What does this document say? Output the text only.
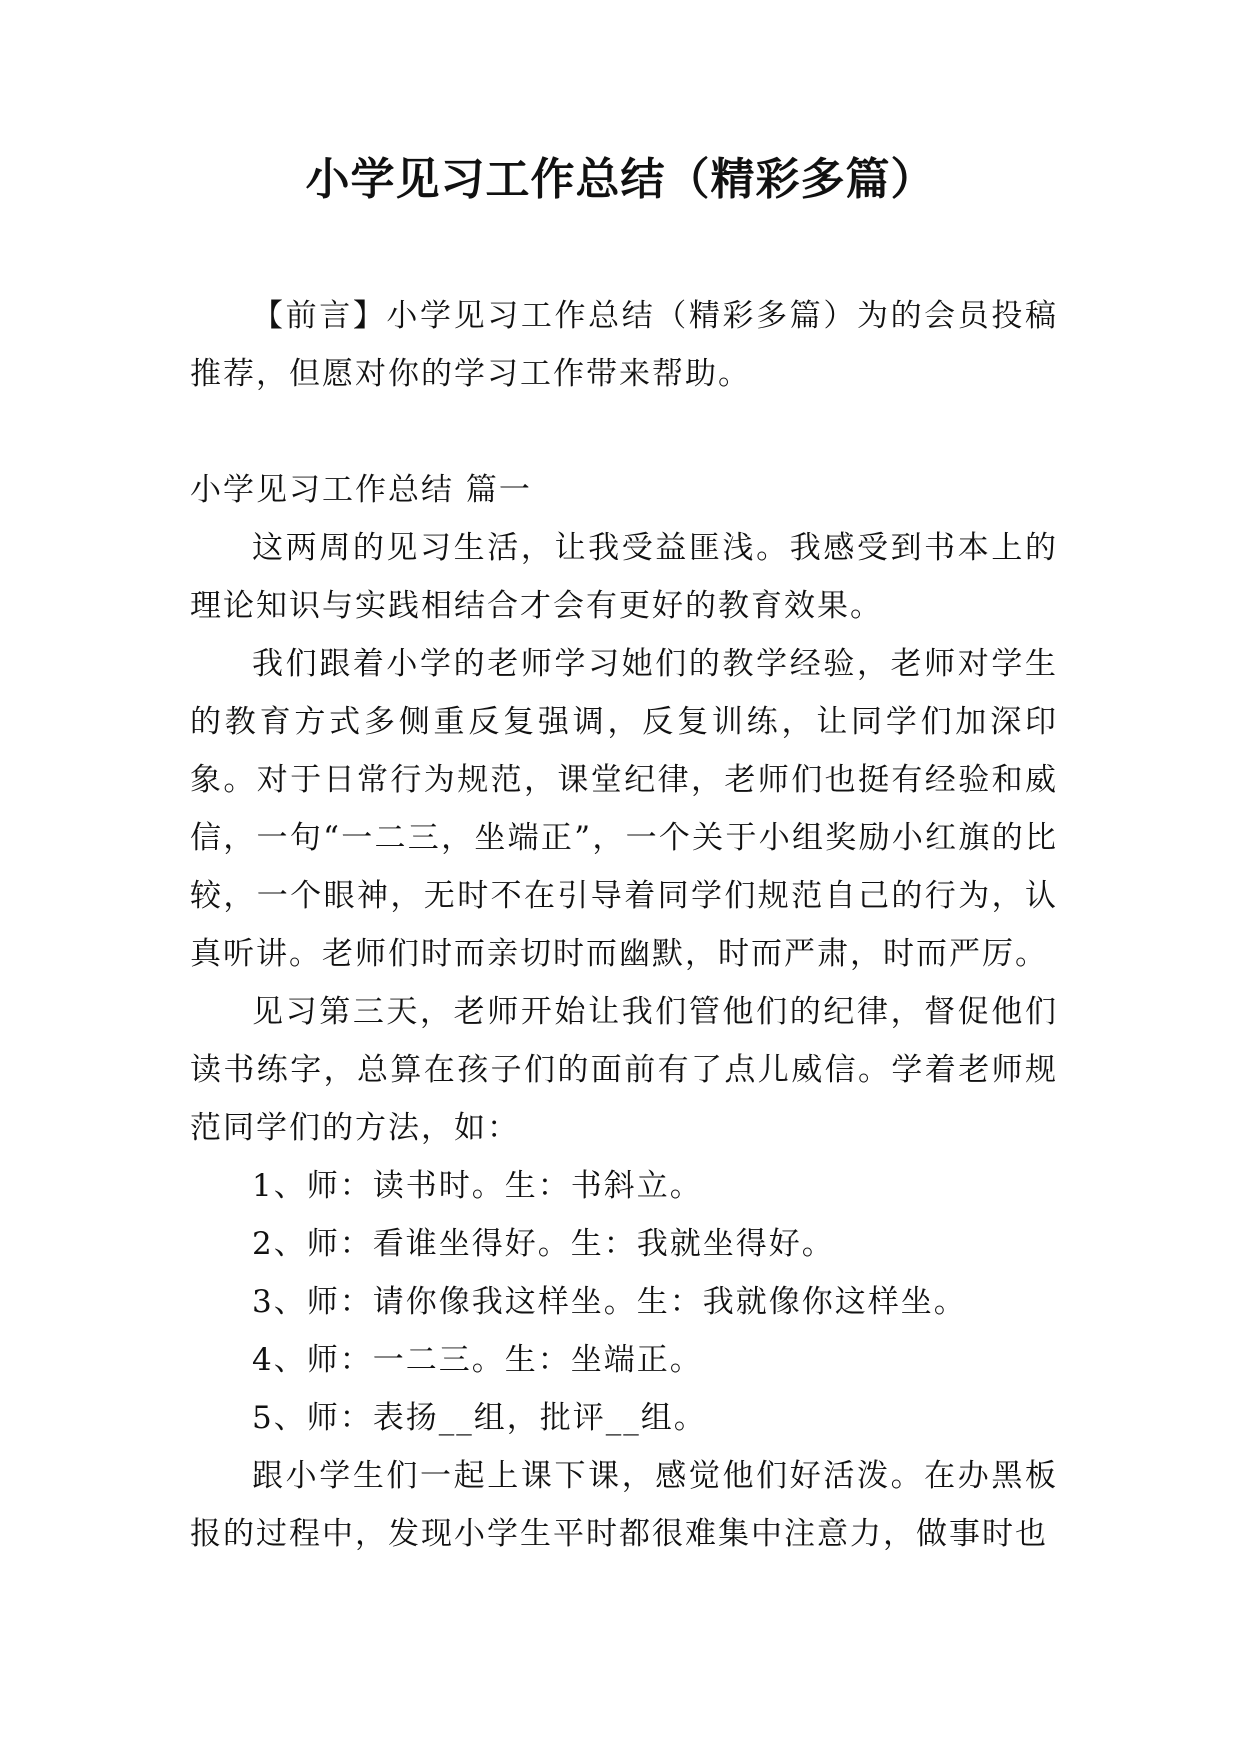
小学见习工作总结（精彩多篇）

【前言】小学见习工作总结（精彩多篇）为的会员投稿推荐，但愿对你的学习工作带来帮助。

小学见习工作总结 篇一

这两周的见习生活，让我受益匪浅。我感受到书本上的理论知识与实践相结合才会有更好的教育效果。

我们跟着小学的老师学习她们的教学经验，老师对学生的教育方式多侧重反复强调，反复训练，让同学们加深印象。对于日常行为规范，课堂纪律，老师们也挺有经验和威信，一句“一二三，坐端正”，一个关于小组奖励小红旗的比较，一个眼神，无时不在引导着同学们规范自己的行为，认真听讲。老师们时而亲切时而幽默，时而严肃，时而严厉。

见习第三天，老师开始让我们管他们的纪律，督促他们读书练字，总算在孩子们的面前有了点儿威信。学着老师规范同学们的方法，如：

1、师：读书时。生：书斜立。

2、师：看谁坐得好。生：我就坐得好。

3、师：请你像我这样坐。生：我就像你这样坐。

4、师：一二三。生：坐端正。

5、师：表扬__组，批评__组。

跟小学生们一起上课下课，感觉他们好活泼。在办黑板报的过程中，发现小学生平时都很难集中注意力，做事时也
